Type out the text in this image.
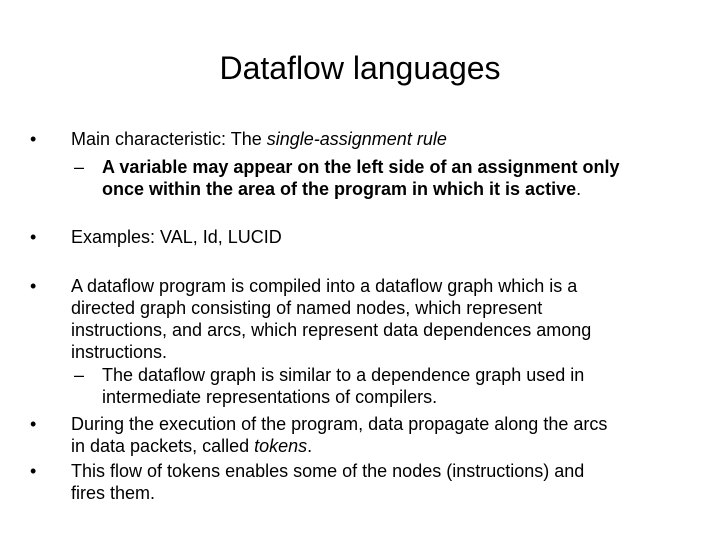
Dataflow languages
•	Main characteristic: The single-assignment rule
– A variable may appear on the left side of an assignment only
once within the area of the program in which it is active.
•	Examples: VAL, Id, LUCID
•	A dataflow program is compiled into a dataflow graph which is a
directed graph consisting of named nodes, which represent
instructions, and arcs, which represent data dependences among
instructions.
– The dataflow graph is similar to a dependence graph used in
intermediate representations of compilers.
•	During the execution of the program, data propagate along the arcs
in data packets, called tokens.
•	This flow of tokens enables some of the nodes (instructions) and
fires them.
